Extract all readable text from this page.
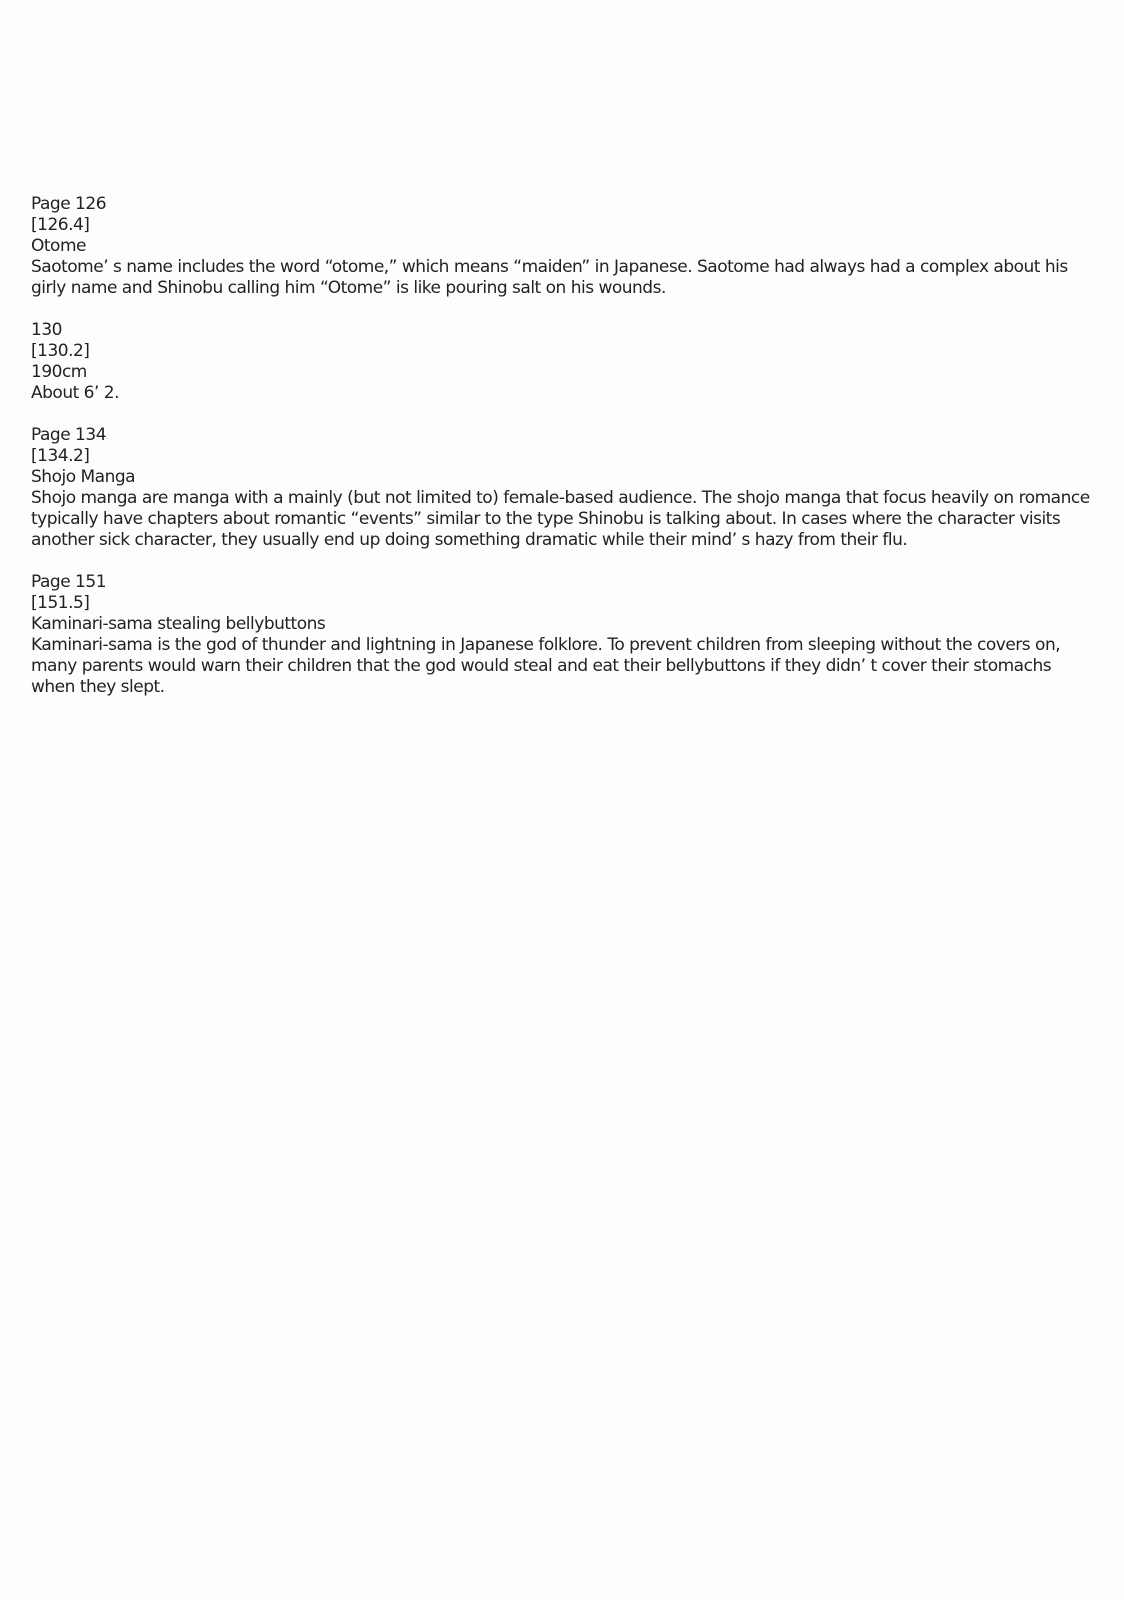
Page 126
[126.4]
Otome
Saotome’ s name includes the word “otome,” which means “maiden” in Japanese. Saotome had always had a complex about his girly name and Shinobu calling him “Otome” is like pouring salt on his wounds.
130
[130.2]
190cm
About 6’ 2.
Page 134
[134.2]
Shojo Manga
Shojo manga are manga with a mainly (but not limited to) female-based audience. The shojo manga that focus heavily on romance typically have chapters about romantic “events” similar to the type Shinobu is talking about. In cases where the character visits another sick character, they usually end up doing something dramatic while their mind’ s hazy from their flu.
Page 151
[151.5]
Kaminari-sama stealing bellybuttons
Kaminari-sama is the god of thunder and lightning in Japanese folklore. To prevent children from sleeping without the covers on, many parents would warn their children that the god would steal and eat their bellybuttons if they didn’ t cover their stomachs when they slept.
